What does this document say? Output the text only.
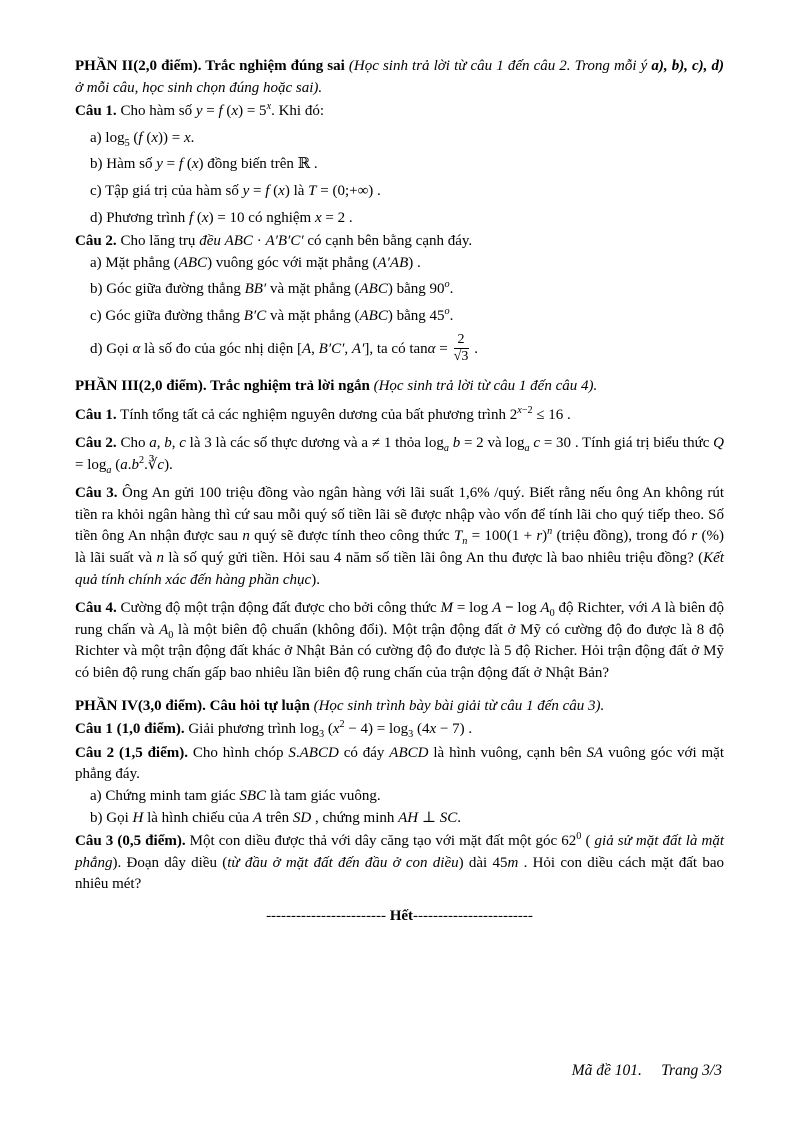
PHẦN II(2,0 điểm). Trắc nghiệm đúng sai (Học sinh trả lời từ câu 1 đến câu 2. Trong mỗi ý a), b), c), d) ở mỗi câu, học sinh chọn đúng hoặc sai).

Câu 1. Cho hàm số y = f $(x) = 5^x$. Khi đó:

a) $\log_5 (f$ (x)) = x.

b) Hàm số y = f (x) đồng biến trên ℝ .

c) Tập giá trị của hàm số y = f (x) là T = (0;+∞) .

d) Phương trình f (x) = 10 có nghiệm x = 2 .

Câu 2. Cho lăng trụ đều ABC · A′B′C′ có cạnh bên bằng cạnh đáy.

a) Mặt phẳng (ABC) vuông góc với mặt phẳng (A′AB) .

b) Góc giữa đường thẳng BB′ và mặt phẳng (ABC) bằng 90$^o$.

c) Góc giữa đường thẳng B′C và mặt phẳng (ABC) bằng 45$^o$.

d) Gọi α là số đo của góc nhị diện [A, B′C′, A′], ta có $\tan\alpha = \frac{2}{√3}$ .

PHẦN III(2,0 điểm). Trắc nghiệm trả lời ngắn (Học sinh trả lời từ câu 1 đến câu 4).

Câu 1. Tính tổng tất cả các nghiệm nguyên dương của bất phương trình $2^{x-2} \le 16$ .

Câu 2. Cho a, b, c là 3 là các số thực dương và a ≠ 1 thỏa $\log_a b = 2$ và $\log_a c = 30$ . Tính giá trị biểu thức $Q = \log_a$ $(a.b^2.∛c)$.

Câu 3. Ông An gửi 100 triệu đồng vào ngân hàng với lãi suất 1,6% /quý. Biết rằng nếu ông An không rút tiền ra khỏi ngân hàng thì cứ sau mỗi quý số tiền lãi sẽ được nhập vào vốn để tính lãi cho quý tiếp theo. Số tiền ông An nhận được sau n quý sẽ được tính theo công thức $T_n = 100(1 + r)^n$ (triệu đồng), trong đó r (%) là lãi suất và n là số quý gửi tiền. Hỏi sau 4 năm số tiền lãi ông An thu được là bao nhiêu triệu đồng? (Kết quả tính chính xác đến hàng phần chục).

Câu 4. Cường độ một trận động đất được cho bởi công thức $M = \log A - \log A_0$ độ Richter, với A là biên độ rung chấn và $A_0$ là một biên độ chuẩn (không đổi). Một trận động đất ở Mỹ có cường độ đo được là 8 độ Richter và một trận động đất khác ở Nhật Bản có cường độ đo được là 5 độ Richer. Hỏi trận động đất ở Mỹ có biên độ rung chấn gấp bao nhiêu lần biên độ rung chấn của trận động đất ở Nhật Bản?

PHẦN IV(3,0 điểm). Câu hỏi tự luận (Học sinh trình bày bài giải từ câu 1 đến câu 3).

Câu 1 (1,0 điểm). Giải phương trình $\log_3 (x^2 - 4) = \log_3 (4x - 7)$ .

Câu 2 (1,5 điểm). Cho hình chóp S.ABCD có đáy ABCD là hình vuông, cạnh bên SA vuông góc với mặt phẳng đáy.

a) Chứng minh tam giác SBC là tam giác vuông.

b) Gọi H là hình chiếu của A trên SD , chứng minh AH ⊥ SC.

Câu 3 (0,5 điểm). Một con diều được thả với dây căng tạo với mặt đất một góc $62^0$ ( giả sử mặt đất là mặt phẳng). Đoạn dây diều (từ đầu ở mặt đất đến đầu ở con diều) dài 45m . Hỏi con diều cách mặt đất bao nhiêu mét?

------------------------ Hết------------------------

Mã đề 101.     Trang 3/3
